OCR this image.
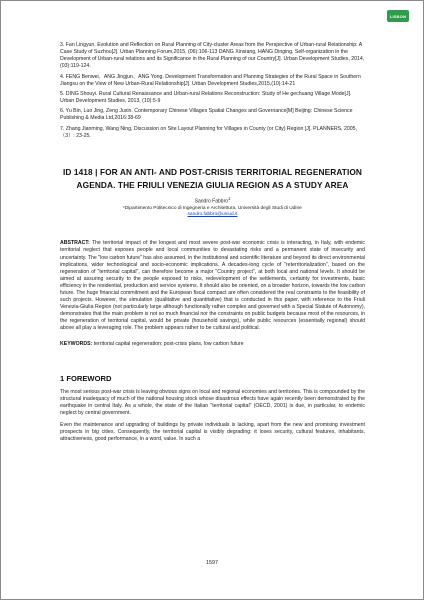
LISBON

3. Fan Lingyun. Evolution and Reflection on Rural Planning of City-cluster Areas from the Perspective of Urban-rural Relationship: A Case Study of Suzhou[J]. Urban Planning Forum,2015, (06):106-113 DANG Xinxiang, HANG Dinging. Self-organization in the Development of Urban-rural relations and its Significance in the Rural Planning of our Country[J]. Urban Development Studies, 2014,(03):119-124.

4. FENG Benwei、ANG Jingjun、ANG Yong. Development Transformation and Planning Strategies of the Rural Space in Southern Jiangsu on the View of New Urban-Rural Relationship[J]. Urban Development Studies,2015,(10):14-21

5. DING Shouyi. Rural Cultural Renaissance and Urban-rural Relations Reconstruction: Study of He gechuang Village Mode[J]. Urban Development Studies, 2013, (10):5-9

6. Yu Bin, Luo Jing, Zeng Juxin. Contemporary Chinese Villages Spatial Changes and Governance[M] Beijing: Chinese Science Publishing & Media Ltd,2016:38-69

7. Zhang Jianming, Wang Ning, Discussion on Site Layout Planning for Villages in County (or City) Region [J]. PLANNERS, 2005,（3）: 23-25.

ID 1418 | FOR AN ANTI- AND POST-CRISIS TERRITORIAL REGENERATION AGENDA. THE FRIULI VENEZIA GIULIA REGION AS A STUDY AREA
Sandro Fabbro$^1$
¹Dipartimento Politecnico di Ingegneria e Architettura, Università degli Studi di Udine
sandro.fabbro@uniud.it
ABSTRACT: The territorial impact of the longest and most severe post-war economic crisis is interacting, in Italy, with endemic territorial neglect that exposes people and local communities to devastating risks and a permanent state of insecurity and uncertainty. The "low carbon future" has also assumed, in the institutional and scientific literature and beyond its direct environmental implications, wider technological and socio-economic implications. A decades-long cycle of "reterritorialization", based on the regeneration of "territorial capital", can therefore become a major "Country project", at both local and national levels. It should be aimed at assuring security to the people exposed to risks, redevelopment of the settlements, certainty for investments, basic efficiency in the residential, production and service systems. It should also be oriented, on a broader horizon, towards the low carbon future. The huge financial commitment and the European fiscal compact are often considered the real constraints to the feasibility of such projects. However, the simulation (qualitative and quantitative) that is conducted in this paper, with reference to the Friuli Venezia-Giulia Region (not particularly large although functionally rather complex and governed with a Special Statute of Autonomy), demonstrates that the main problem is not so much financial nor the constraints on public budgets because most of the resources, in the regeneration of territorial capital, would be private (household savings), while public resources (essentially regional) should above all play a leveraging role. The problem appears rather to be cultural and political.
KEYWORDS: territorial capital regeneration; post-crisis plans, low carbon future
1 FOREWORD

The most serious post-war crisis is leaving obvious signs on local and regional economies and territories. This is compounded by the structural inadequacy of much of the national housing stock whose disastrous effects have again recently been demonstrated by the earthquake in central Italy. As a whole, the state of the Italian "territorial capital" (OECD, 2001) is due, in particular, to endemic neglect by central government.

Even the maintenance and upgrading of buildings by private individuals is lacking, apart from the new and promising investment prospects in big cities. Consequently, the territorial capital is visibly degrading: it loses security, cultural features, inhabitants, attractiveness, good performance, in a word, value. In such a

1597
